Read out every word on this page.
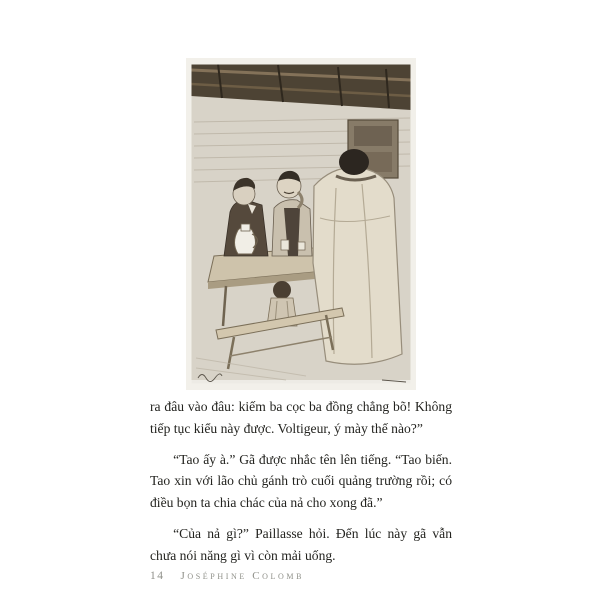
ra đâu vào đâu: kiếm ba cọc ba đồng chẳng bõ! Không tiếp tục kiểu này được. Voltigeur, ý mày thế nào?”

“Tao ấy à.” Gã được nhắc tên lên tiếng. “Tao biến. Tao xin với lão chủ gánh trò cuối quảng trường rồi; có điều bọn ta chia chác của nả cho xong đã.”

“Của nả gì?” Paillasse hỏi. Đến lúc này gã vẫn chưa nói năng gì vì còn mải uống.

14 Joséphine Colomb
